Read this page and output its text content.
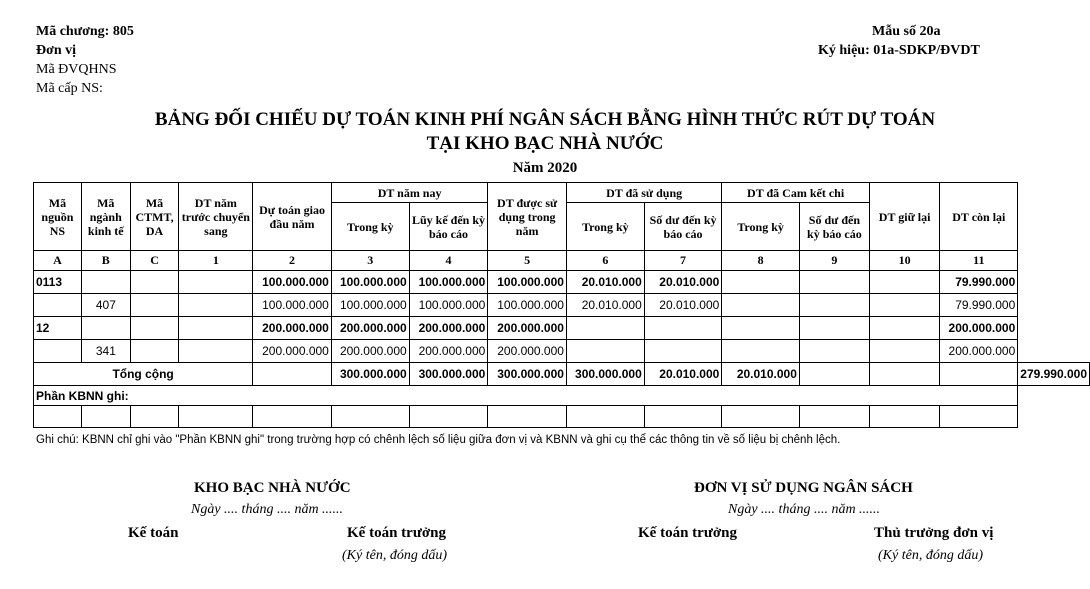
Mã chương: 805
Đơn vị
Mã ĐVQHNS
Mã cấp NS:
Mẫu số 20a
Ký hiệu: 01a-SDKP/ĐVDT
BẢNG ĐỐI CHIẾU DỰ TOÁN KINH PHÍ NGÂN SÁCH BẰNG HÌNH THỨC RÚT DỰ TOÁN
TẠI KHO BẠC NHÀ NƯỚC
Năm 2020
Mã nguồn NS	Mã ngành kinh tế	Mã CTMT, DA	DT năm trước chuyển sang	Dự toán giao đầu năm	DT năm nay		DT được sử dụng trong năm	DT đã sử dụng		DT đã Cam kết chi		DT giữ lại	DT còn lại	
					Trong kỳ	Lũy kế đến kỳ báo cáo		Trong kỳ	Số dư đến kỳ báo cáo	Trong kỳ	Số dư đến kỳ báo cáo			
A	B	C	1	2	3	4	5	6	7	8	9	10	11	
0113				100.000.000	100.000.000	100.000.000	100.000.000	20.010.000	20.010.000				79.990.000	
	407			100.000.000	100.000.000	100.000.000	100.000.000	20.010.000	20.010.000				79.990.000	
12				200.000.000	200.000.000	200.000.000	200.000.000						200.000.000	
	341			200.000.000	200.000.000	200.000.000	200.000.000						200.000.000	
Tổng cộng					300.000.000	300.000.000	300.000.000	300.000.000	20.010.000	20.010.000				279.990.000
Phần KBNN ghi:														

Ghi chú: KBNN chỉ ghi vào "Phần KBNN ghi" trong trường hợp có chênh lệch số liệu giữa đơn vị và KBNN và ghi cụ thể các thông tin về số liệu bị chênh lệch.
KHO BẠC NHÀ NƯỚC
Ngày .... tháng .... năm ......
Kế toán	Kế toán trưởng
(Ký tên, đóng dấu)
ĐƠN VỊ SỬ DỤNG NGÂN SÁCH
Ngày .... tháng .... năm ......
Kế toán trưởng	Thủ trưởng đơn vị
(Ký tên, đóng dấu)
